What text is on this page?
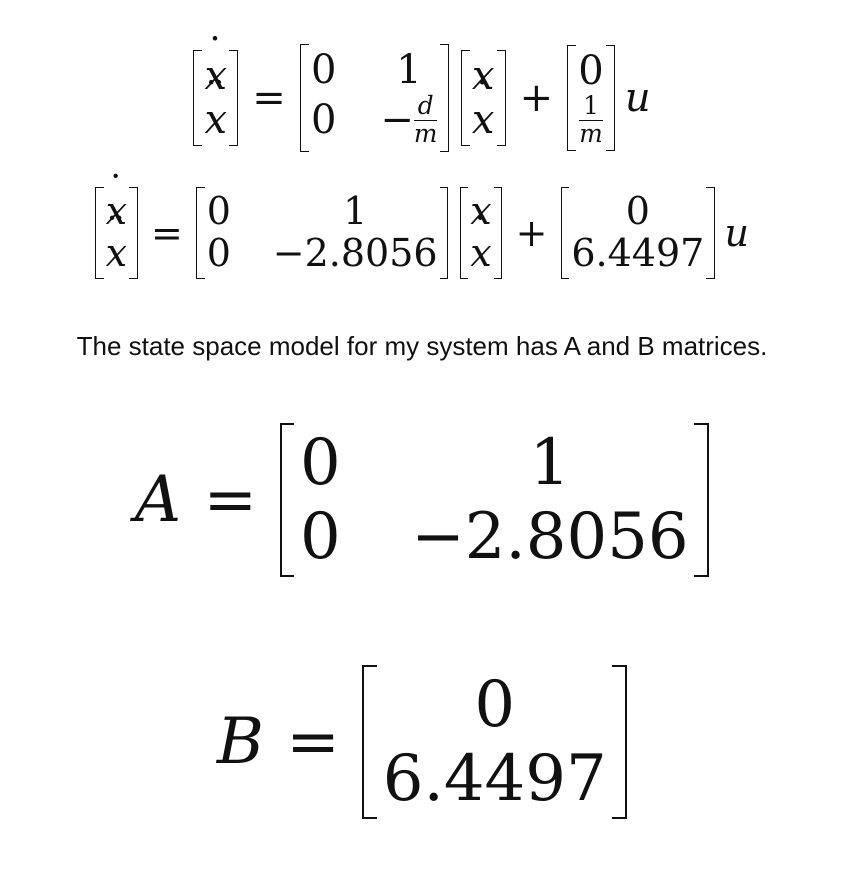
˙ x
¨ x =
0 1
$0 - \frac{d}{m}$
x
˙ x +
0
$\frac{1}{m}$ u
˙ x
¨ x =
0	1
0 −2.8056
x
˙ x +
0
6.4497 u
The state space model for my system has A and B matrices.
A =
0	1
0 −2.8056
B =
0
6.4497
